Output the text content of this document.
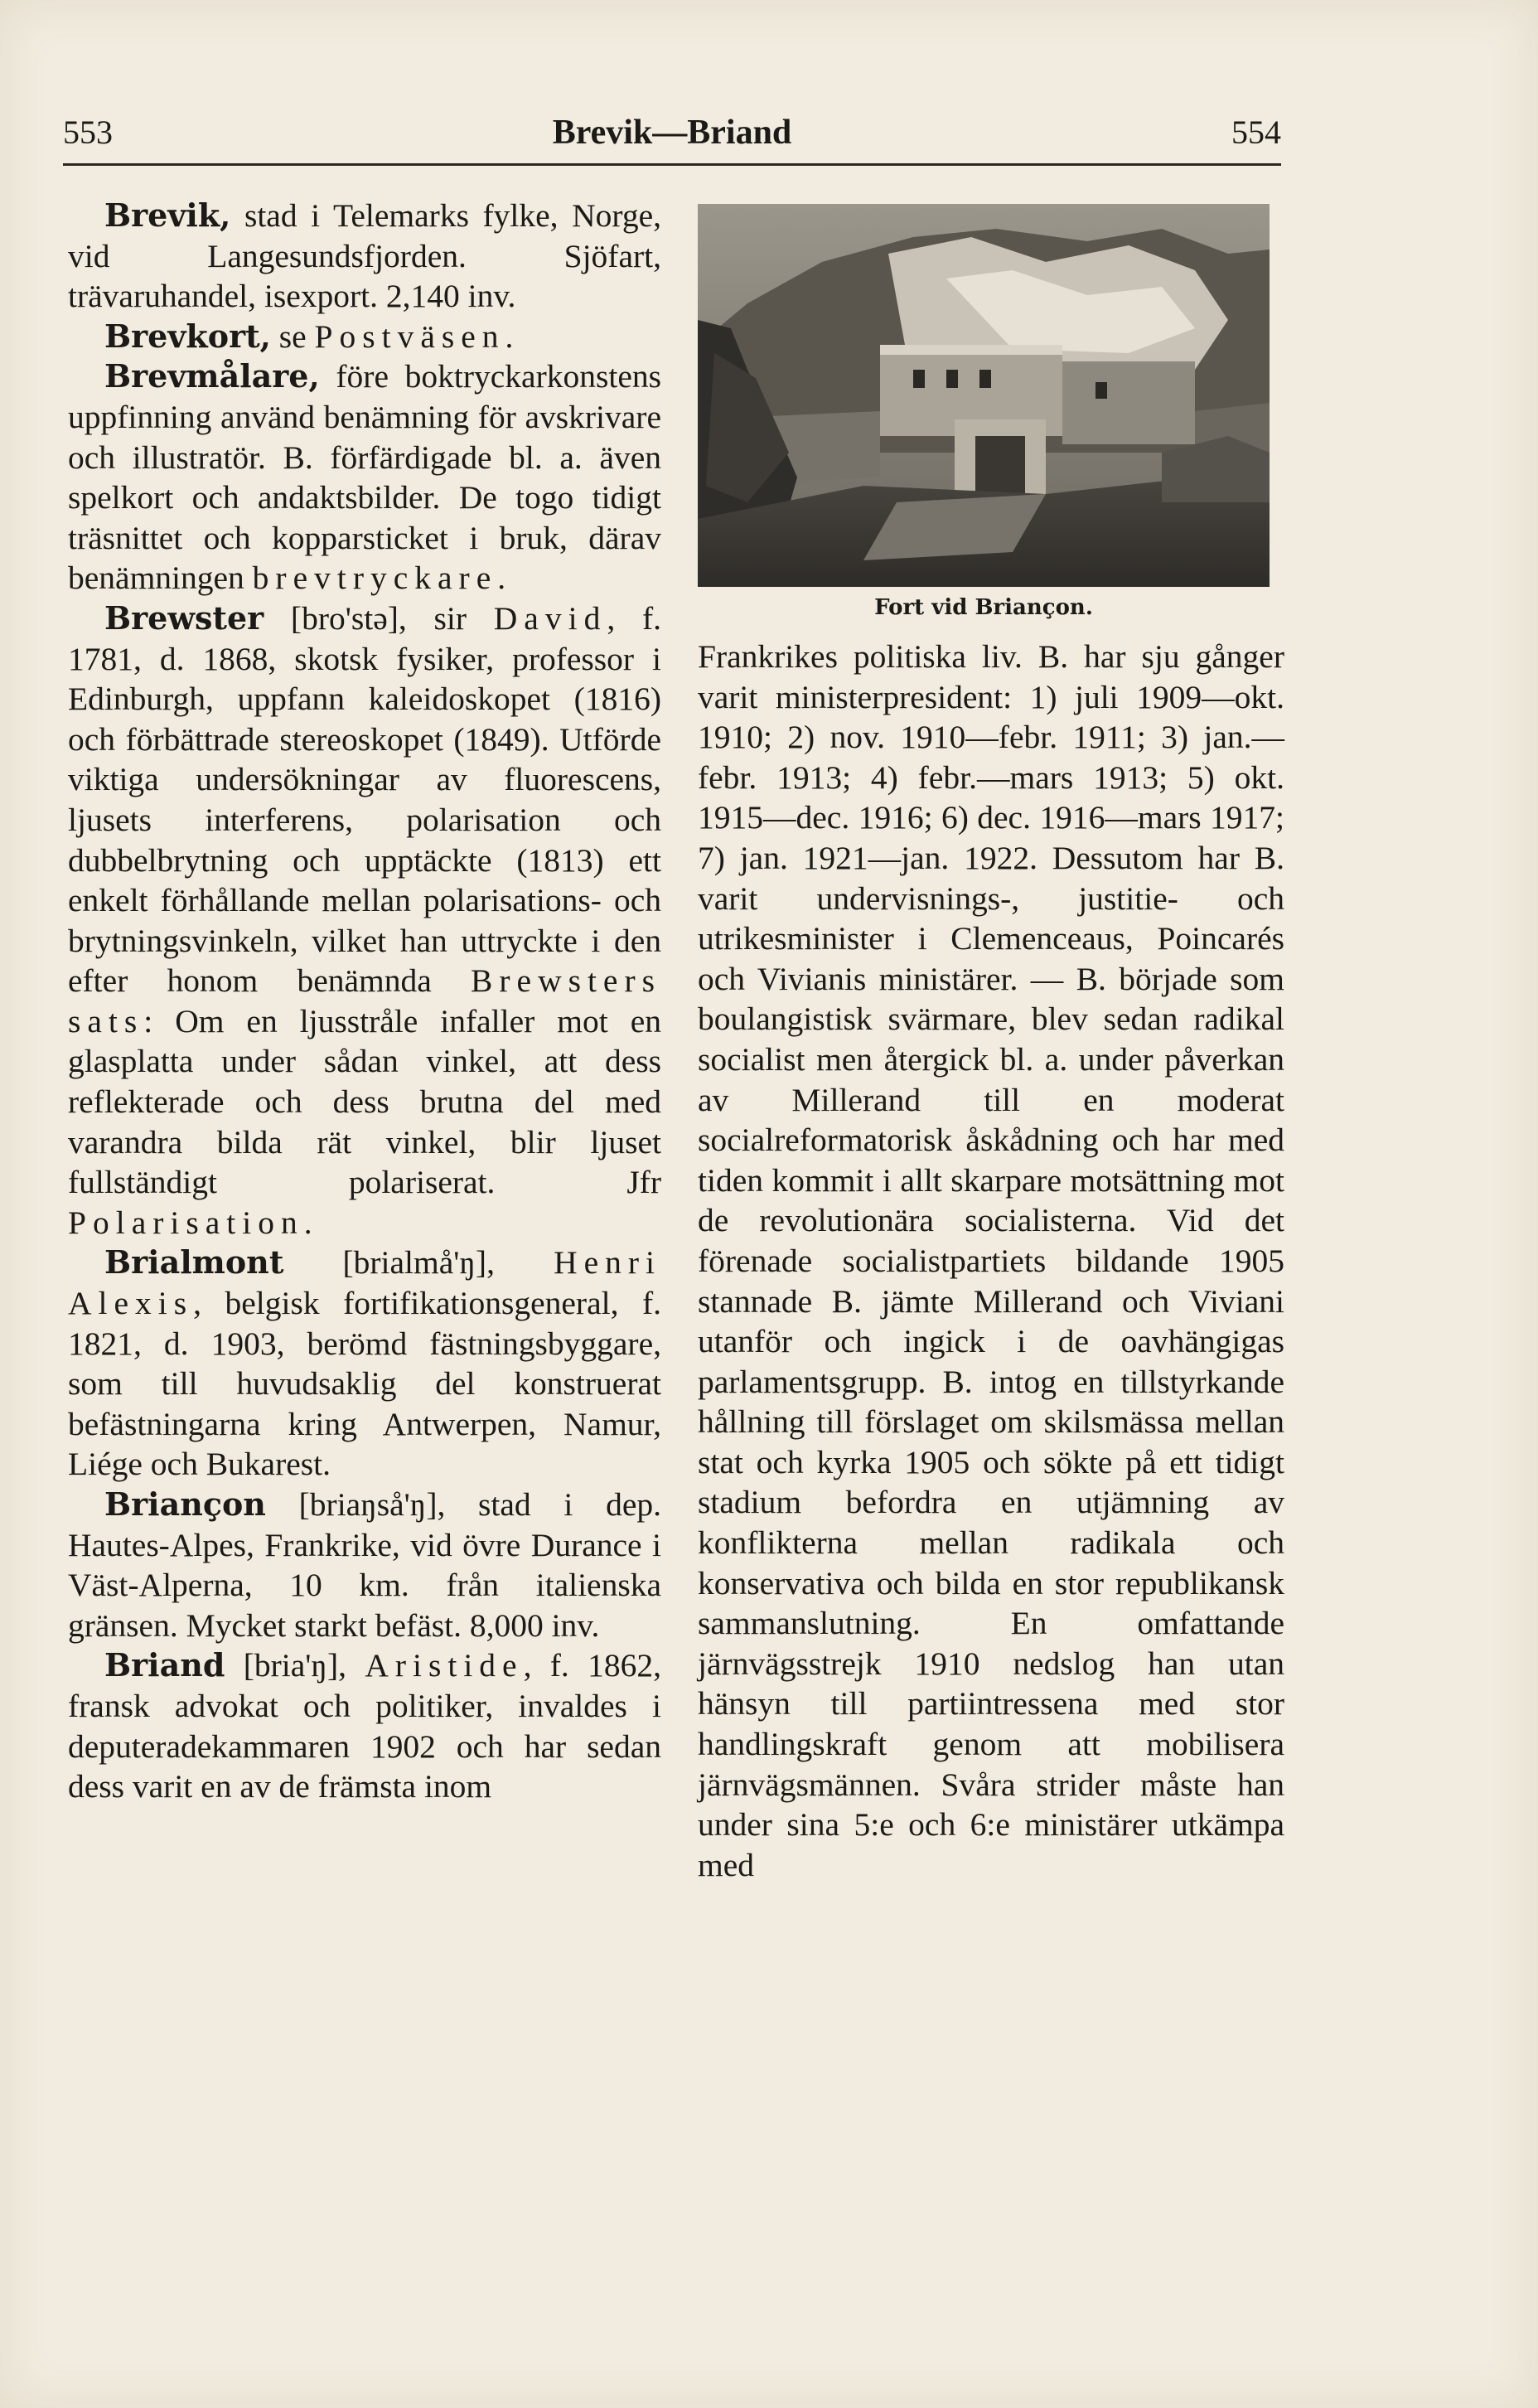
553	Brevik—Briand	554

Brevik, stad i Telemarks fylke, Norge, vid Langesundsfjorden. Sjöfart, trävaruhandel, isexport. 2,140 inv.

Brevkort, se Postväsen.

Brevmålare, före boktryckarkonstens uppfinning använd benämning för avskrivare och illustratör. B. förfärdigade bl. a. även spelkort och andaktsbilder. De togo tidigt träsnittet och kopparsticket i bruk, därav benämningen brevtryckare.

Brewster [bro'stə], sir David, f. 1781, d. 1868, skotsk fysiker, professor i Edinburgh, uppfann kaleidoskopet (1816) och förbättrade stereoskopet (1849). Utförde viktiga undersökningar av fluorescens, ljusets interferens, polarisation och dubbelbrytning och upptäckte (1813) ett enkelt förhållande mellan polarisations- och brytningsvinkeln, vilket han uttryckte i den efter honom benämnda Brewsters sats: Om en ljusstråle infaller mot en glasplatta under sådan vinkel, att dess reflekterade och dess brutna del med varandra bilda rät vinkel, blir ljuset fullständigt polariserat. Jfr Polarisation.

Brialmont [brialmå'ŋ], Henri Alexis, belgisk fortifikationsgeneral, f. 1821, d. 1903, berömd fästningsbyggare, som till huvudsaklig del konstruerat befästningarna kring Antwerpen, Namur, Liége och Bukarest.

Briançon [briaŋså'ŋ], stad i dep. Hautes-Alpes, Frankrike, vid övre Durance i Väst-Alperna, 10 km. från italienska gränsen. Mycket starkt befäst. 8,000 inv.

Briand [bria'ŋ], Aristide, f. 1862, fransk advokat och politiker, invaldes i deputeradekammaren 1902 och har sedan dess varit en av de främsta inom

Fort vid Briançon.

Frankrikes politiska liv. B. har sju gånger varit ministerpresident: 1) juli 1909—okt. 1910; 2) nov. 1910—febr. 1911; 3) jan.—febr. 1913; 4) febr.—mars 1913; 5) okt. 1915—dec. 1916; 6) dec. 1916—mars 1917; 7) jan. 1921—jan. 1922. Dessutom har B. varit undervisnings-, justitie- och utrikesminister i Clemenceaus, Poincarés och Vivianis ministärer. — B. började som boulangistisk svärmare, blev sedan radikal socialist men återgick bl. a. under påverkan av Millerand till en moderat socialreformatorisk åskådning och har med tiden kommit i allt skarpare motsättning mot de revolutionära socialisterna. Vid det förenade socialistpartiets bildande 1905 stannade B. jämte Millerand och Viviani utanför och ingick i de oavhängigas parlamentsgrupp. B. intog en tillstyrkande hållning till förslaget om skilsmässa mellan stat och kyrka 1905 och sökte på ett tidigt stadium befordra en utjämning av konflikterna mellan radikala och konservativa och bilda en stor republikansk sammanslutning. En omfattande järnvägsstrejk 1910 nedslog han utan hänsyn till partiintressena med stor handlingskraft genom att mobilisera järnvägsmännen. Svåra strider måste han under sina 5:e och 6:e ministärer utkämpa med
